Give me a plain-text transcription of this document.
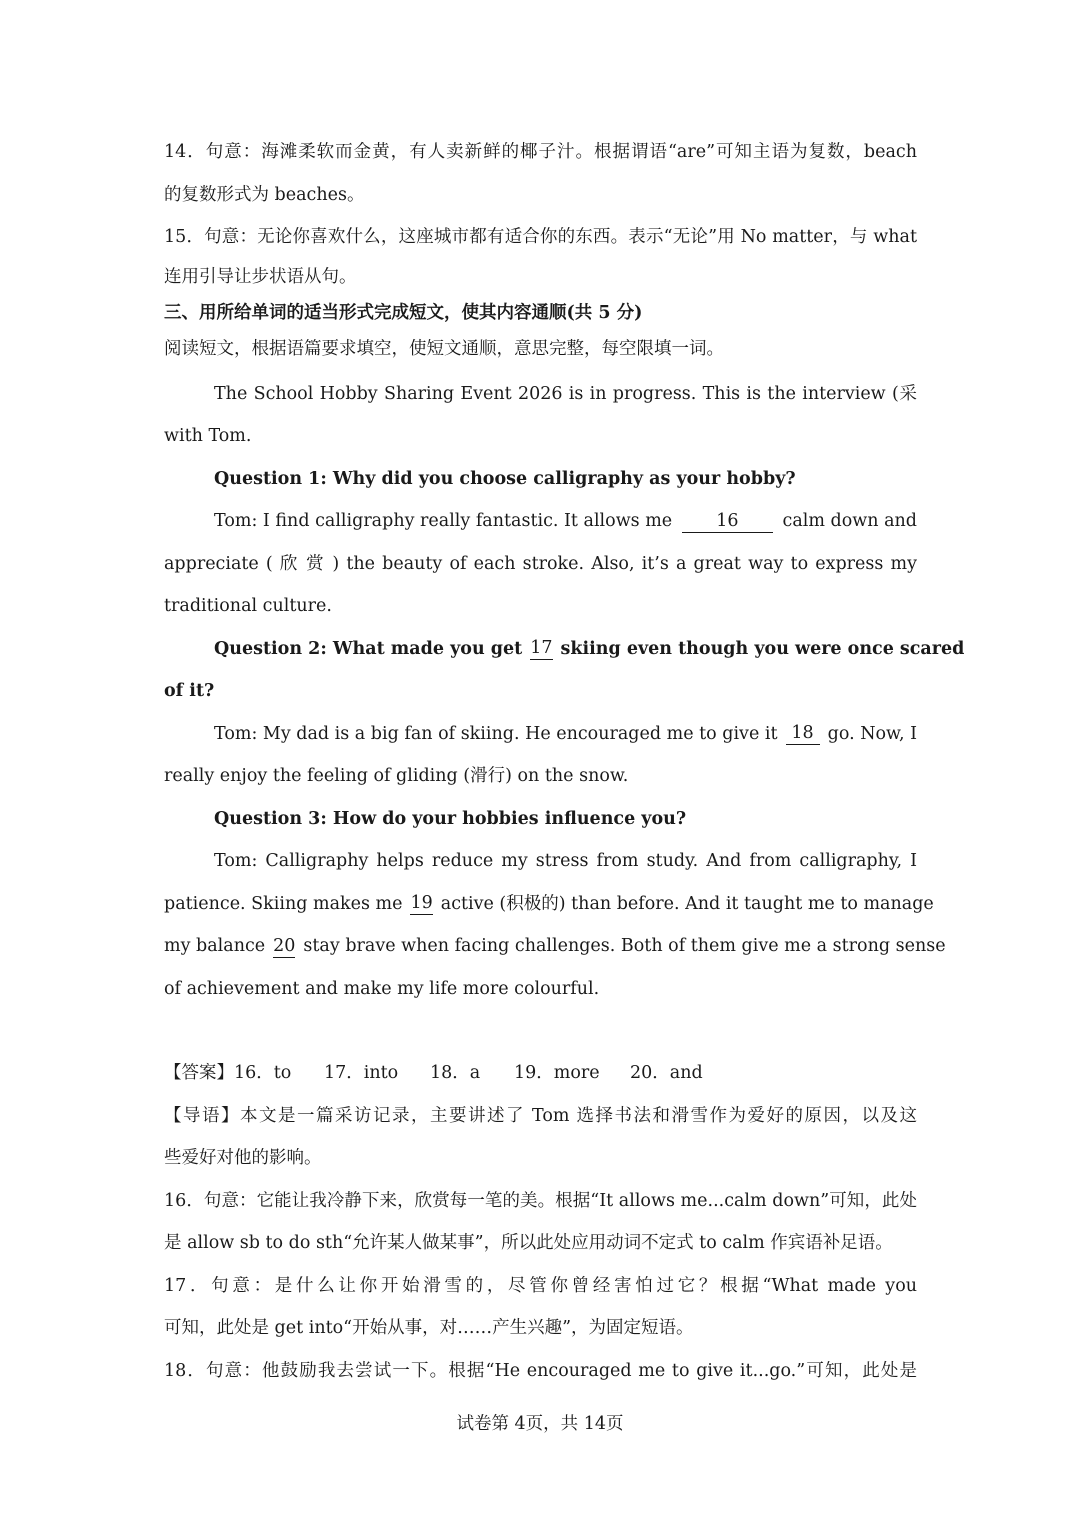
14．句意：海滩柔软而金黄，有人卖新鲜的椰子汁。根据谓语“are”可知主语为复数，beach
的复数形式为 beaches。
15．句意：无论你喜欢什么，这座城市都有适合你的东西。表示“无论”用 No matter，与 what
连用引导让步状语从句。
三、用所给单词的适当形式完成短文，使其内容通顺(共 5 分)
阅读短文，根据语篇要求填空，使短文通顺，意思完整，每空限填一词。
The School Hobby Sharing Event 2026 is in progress. This is the interview (采
with Tom.
Question 1: Why did you choose calligraphy as your hobby?
Tom: I find calligraphy really fantastic. It allows me	16	calm down and
appreciate ( 欣 赏 ) the beauty of each stroke. Also, it’s a great way to express my
traditional culture.
Question 2: What made you get 17 skiing even though you were once scared
of it?
Tom: My dad is a big fan of skiing. He encouraged me to give it 18 go. Now, I
really enjoy the feeling of gliding (滑行) on the snow.
Question 3: How do your hobbies influence you?
Tom: Calligraphy helps reduce my stress from study. And from calligraphy, I
patience. Skiing makes me 19 active (积极的) than before. And it taught me to manage
my balance 20 stay brave when facing challenges. Both of them give me a strong sense
of achievement and make my life more colourful.
【答案】16．to 17．into 18．a 19．more 20．and
【导语】本文是一篇采访记录，主要讲述了 Tom 选择书法和滑雪作为爱好的原因，以及这
些爱好对他的影响。
16．句意：它能让我冷静下来，欣赏每一笔的美。根据“It allows me...calm down”可知，此处
是 allow sb to do sth“允许某人做某事”，所以此处应用动词不定式 to calm 作宾语补足语。
17．句意：是什么让你开始滑雪的，尽管你曾经害怕过它？根据“What made you
可知，此处是 get into“开始从事，对……产生兴趣”，为固定短语。
18．句意：他鼓励我去尝试一下。根据“He encouraged me to give it...go.”可知，此处是
试卷第 4页，共 14页
